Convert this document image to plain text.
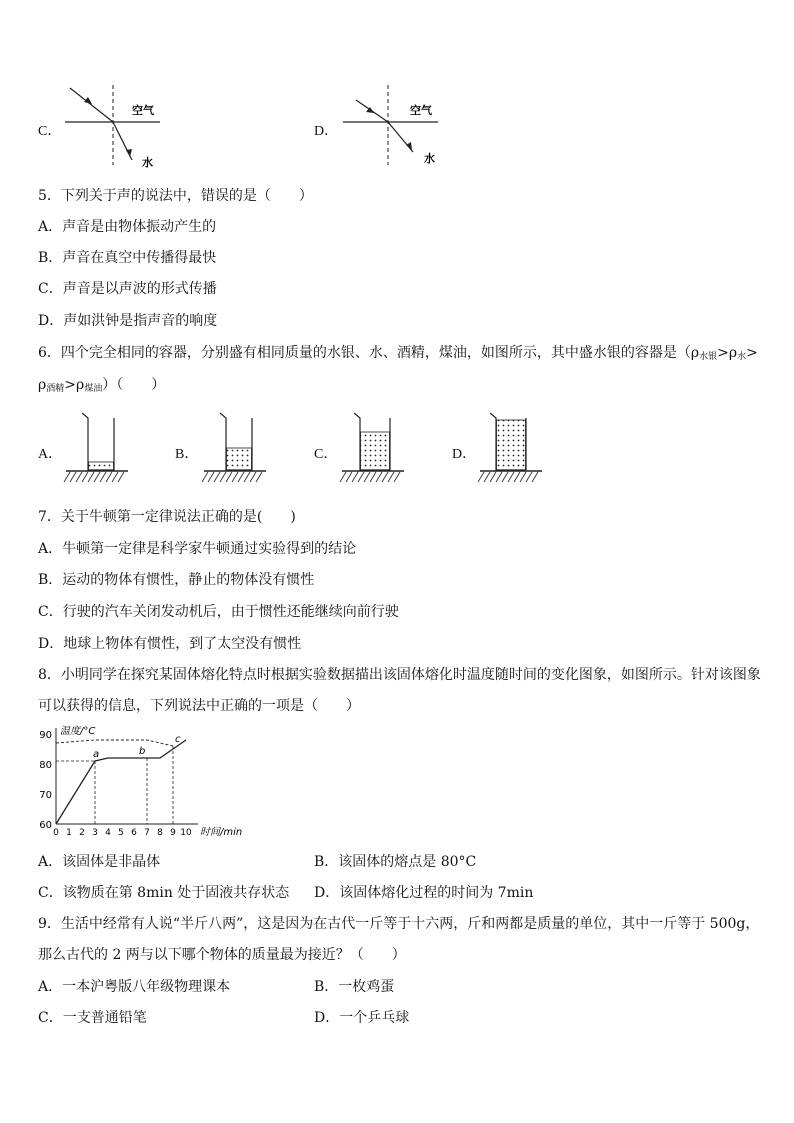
C．
空气
水
D．
空气
水
5．下列关于声的说法中，错误的是（　　）
A．声音是由物体振动产生的
B．声音在真空中传播得最快
C．声音是以声波的形式传播
D．声如洪钟是指声音的响度
6．四个完全相同的容器，分别盛有相同质量的水银、水、酒精，煤油，如图所示，其中盛水银的容器是（$\rho_{水银}>\rho_水>$
$\rho_{酒精}>\rho_{煤油}$）（　　）
A．	B．	C．	D．
7．关于牛顿第一定律说法正确的是(　　)
A．牛顿第一定律是科学家牛顿通过实验得到的结论
B．运动的物体有惯性，静止的物体没有惯性
C．行驶的汽车关闭发动机后，由于惯性还能继续向前行驶
D．地球上物体有惯性，到了太空没有惯性
8．小明同学在探究某固体熔化特点时根据实验数据描出该固体熔化时温度随时间的变化图象，如图所示。针对该图象
可以获得的信息，下列说法中正确的一项是（　　）
60
70
80
90
0 1 2 3 4 5 6 7 8 9 10
温度/°C
时间/min
a	b
c
A．该固体是非晶体	B．该固体的熔点是 80°C
C．该物质在第 8min 处于固液共存状态 D．该固体熔化过程的时间为 7min
9．生活中经常有人说“半斤八两”，这是因为在古代一斤等于十六两，斤和两都是质量的单位，其中一斤等于 500g，
那么古代的 2 两与以下哪个物体的质量最为接近？（　　）
A．一本沪粤版八年级物理课本	B．一枚鸡蛋
C．一支普通铅笔	D．一个乒乓球
